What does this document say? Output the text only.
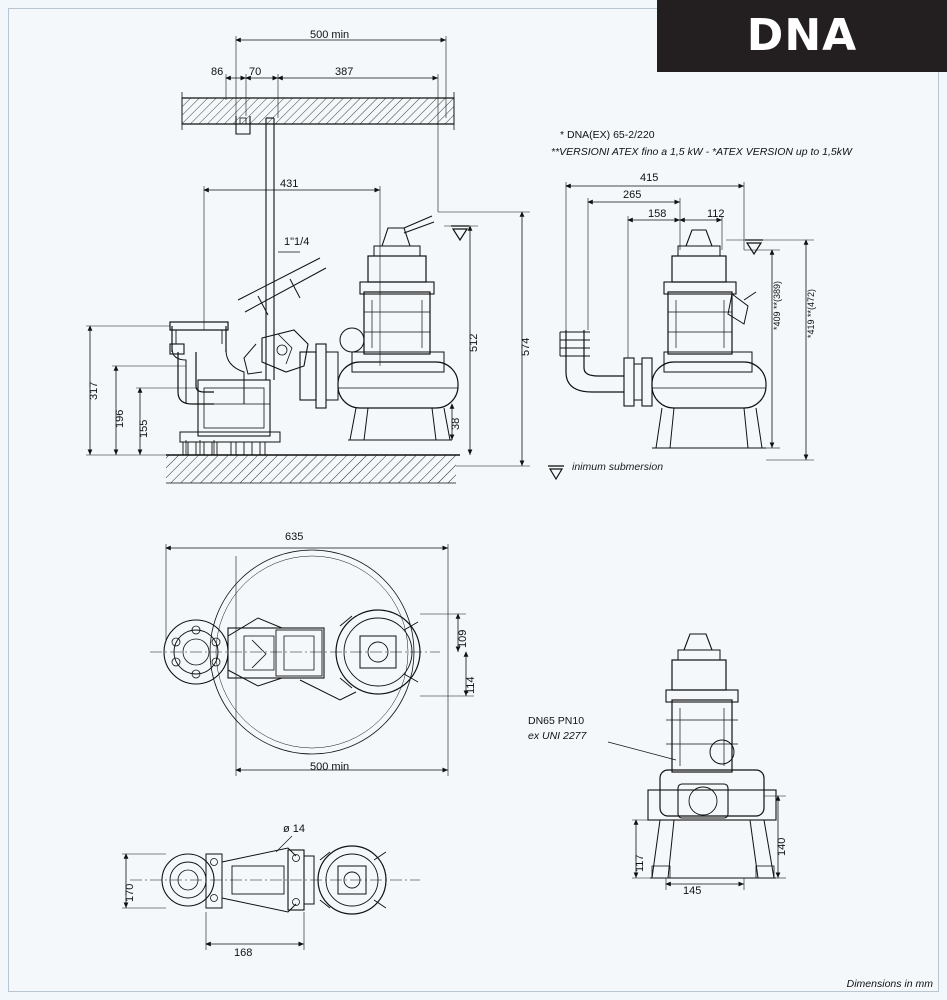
DNA
500 min
86 70	387
431
1"1/4
512	574
38
317
196
155
* DNA(EX) 65-2/220
**VERSIONI ATEX fino a 1,5 kW - *ATEX VERSION up to 1,5kW
415
265
158	112
*409 **(389)	*419 **(472)
inimum submersion
635
500 min
109
114
ø 14
170
168
DN65 PN10
ex UNI 2277
117
140
145
Dimensions in mm
